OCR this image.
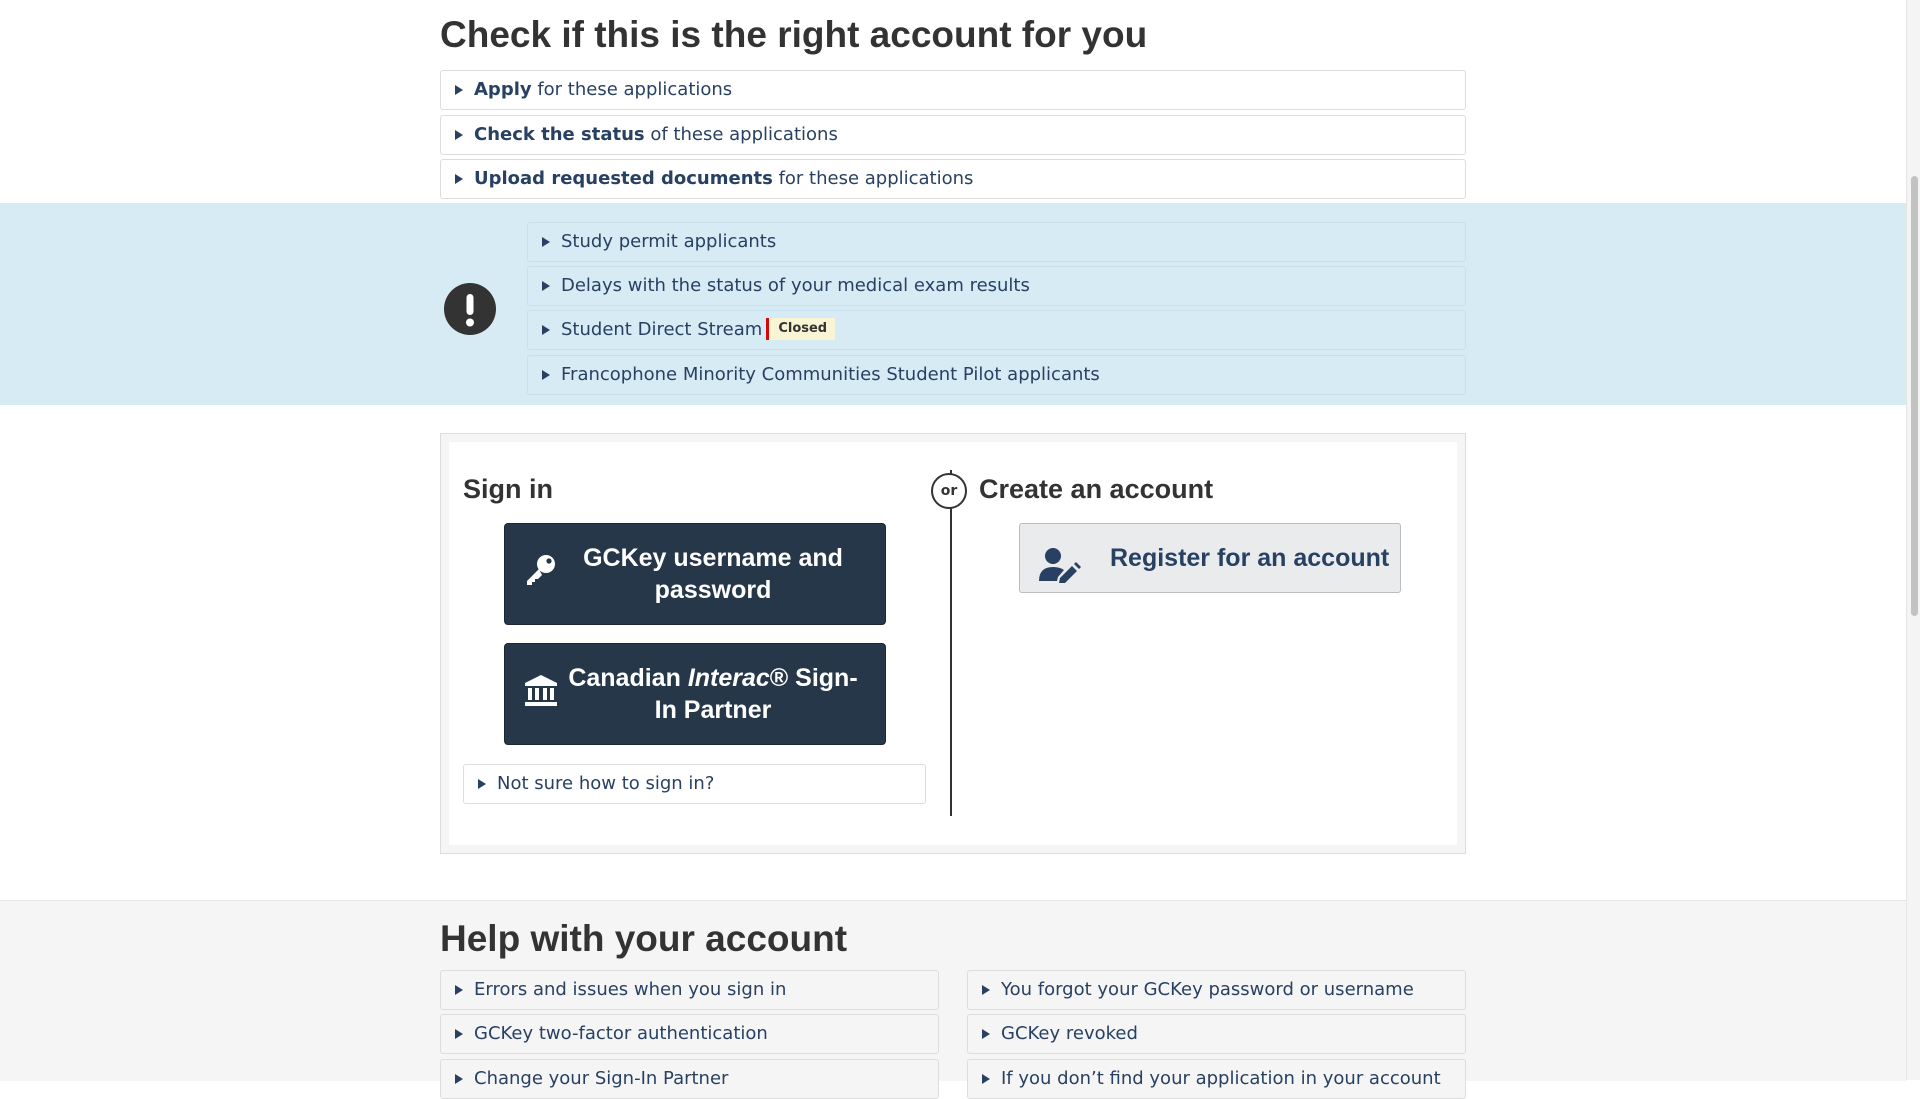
Check if this is the right account for you
Apply for these applications
Check the status of these applications
Upload requested documents for these applications
Study permit applicants
Delays with the status of your medical exam results
Student Direct Stream Closed
Francophone Minority Communities Student Pilot applicants
Sign in
GCKey username and password
Canadian Interac® Sign-In Partner
Not sure how to sign in?
or Create an account
Register for an account
Help with your account
Errors and issues when you sign in
GCKey two-factor authentication
Change your Sign-In Partner
You forgot your GCKey password or username
GCKey revoked
If you don’t find your application in your account
